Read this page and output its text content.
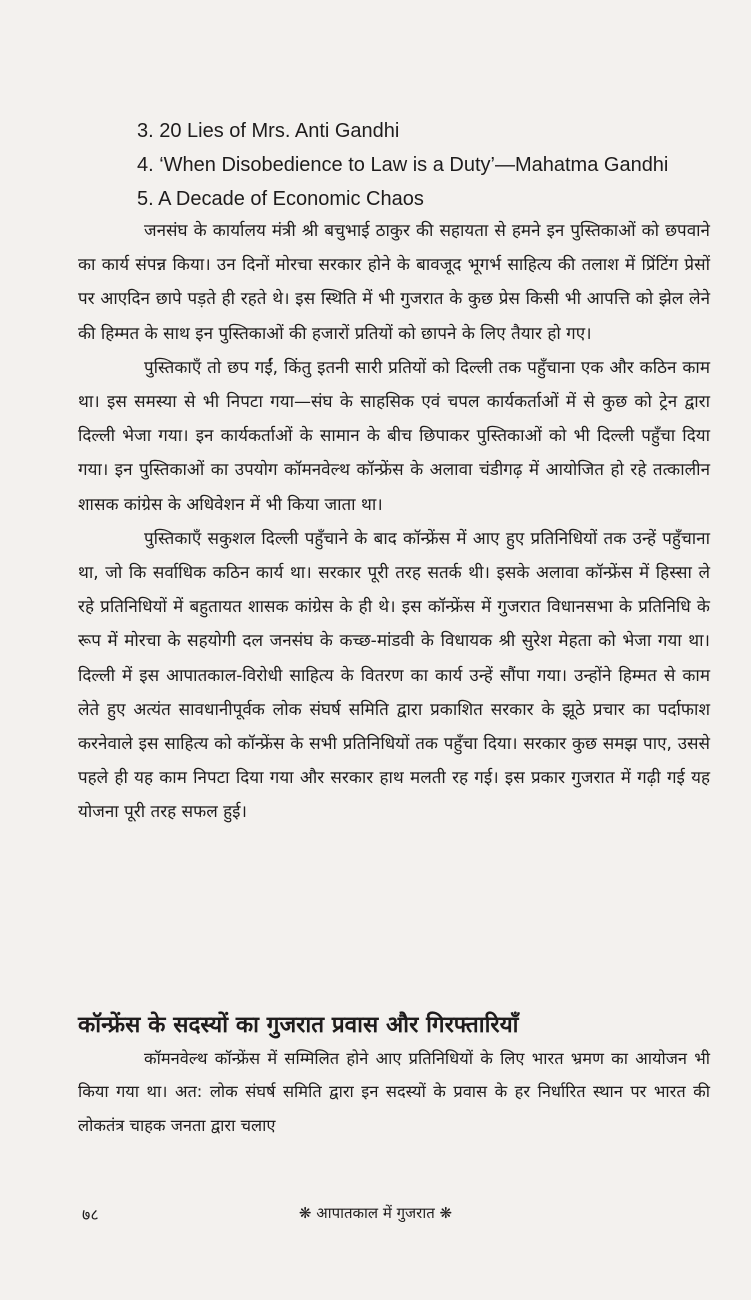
3. 20 Lies of Mrs. Anti Gandhi
4. ‘When Disobedience to Law is a Duty’—Mahatma Gandhi
5. A Decade of Economic Chaos

जनसंघ के कार्यालय मंत्री श्री बचुभाई ठाकुर की सहायता से हमने इन पुस्तिकाओं को छपवाने का कार्य संपन्न किया। उन दिनों मोरचा सरकार होने के बावजूद भूगर्भ साहित्य की तलाश में प्रिंटिंग प्रेसों पर आएदिन छापे पड़ते ही रहते थे। इस स्थिति में भी गुजरात के कुछ प्रेस किसी भी आपत्ति को झेल लेने की हिम्मत के साथ इन पुस्तिकाओं की हजारों प्रतियों को छापने के लिए तैयार हो गए।

पुस्तिकाएँ तो छप गईं, किंतु इतनी सारी प्रतियों को दिल्ली तक पहुँचाना एक और कठिन काम था। इस समस्या से भी निपटा गया—संघ के साहसिक एवं चपल कार्यकर्ताओं में से कुछ को ट्रेन द्वारा दिल्ली भेजा गया। इन कार्यकर्ताओं के सामान के बीच छिपाकर पुस्तिकाओं को भी दिल्ली पहुँचा दिया गया। इन पुस्तिकाओं का उपयोग कॉमनवेल्थ कॉन्फ्रेंस के अलावा चंडीगढ़ में आयोजित हो रहे तत्कालीन शासक कांग्रेस के अधिवेशन में भी किया जाता था।

पुस्तिकाएँ सकुशल दिल्ली पहुँचाने के बाद कॉन्फ्रेंस में आए हुए प्रतिनिधियों तक उन्हें पहुँचाना था, जो कि सर्वाधिक कठिन कार्य था। सरकार पूरी तरह सतर्क थी। इसके अलावा कॉन्फ्रेंस में हिस्सा ले रहे प्रतिनिधियों में बहुतायत शासक कांग्रेस के ही थे। इस कॉन्फ्रेंस में गुजरात विधानसभा के प्रतिनिधि के रूप में मोरचा के सहयोगी दल जनसंघ के कच्छ-मांडवी के विधायक श्री सुरेश मेहता को भेजा गया था। दिल्ली में इस आपातकाल-विरोधी साहित्य के वितरण का कार्य उन्हें सौंपा गया। उन्होंने हिम्मत से काम लेते हुए अत्यंत सावधानीपूर्वक लोक संघर्ष समिति द्वारा प्रकाशित सरकार के झूठे प्रचार का पर्दाफाश करनेवाले इस साहित्य को कॉन्फ्रेंस के सभी प्रतिनिधियों तक पहुँचा दिया। सरकार कुछ समझ पाए, उससे पहले ही यह काम निपटा दिया गया और सरकार हाथ मलती रह गई। इस प्रकार गुजरात में गढ़ी गई यह योजना पूरी तरह सफल हुई।

कॉन्फ्रेंस के सदस्यों का गुजरात प्रवास और गिरफ्तारियाँ

कॉमनवेल्थ कॉन्फ्रेंस में सम्मिलित होने आए प्रतिनिधियों के लिए भारत भ्रमण का आयोजन भी किया गया था। अत: लोक संघर्ष समिति द्वारा इन सदस्यों के प्रवास के हर निर्धारित स्थान पर भारत की लोकतंत्र चाहक जनता द्वारा चलाए

७८	❋ आपातकाल में गुजरात ❋
